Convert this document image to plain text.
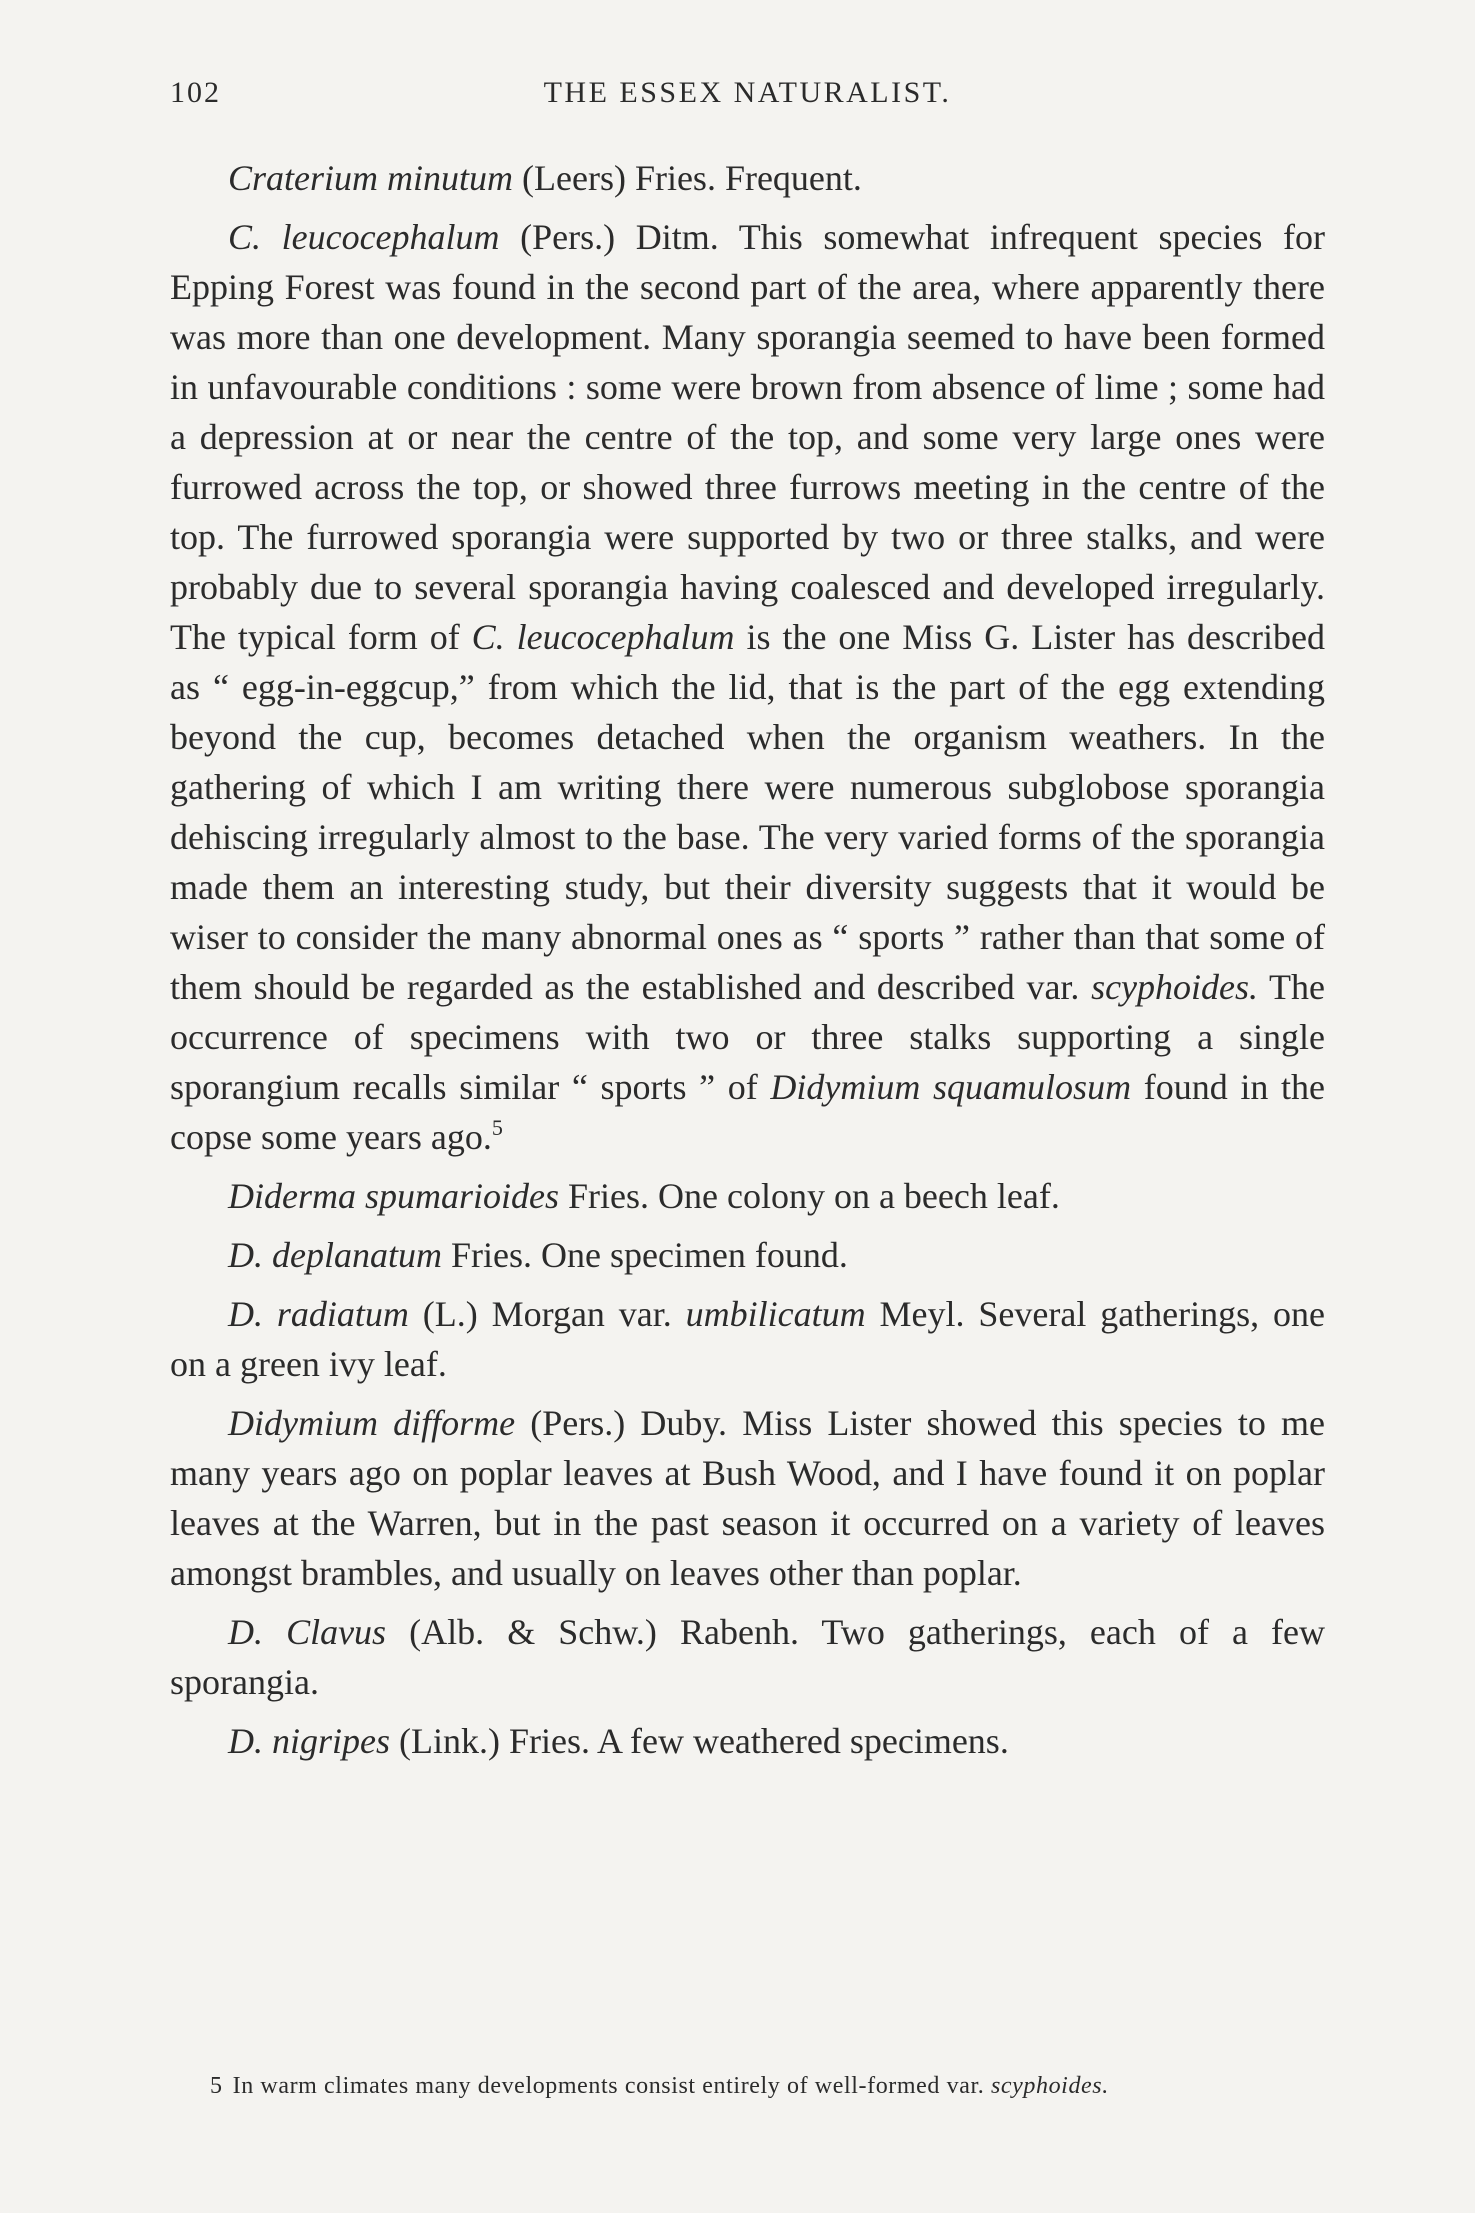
102	THE ESSEX NATURALIST.

Craterium minutum (Leers) Fries. Frequent.

C. leucocephalum (Pers.) Ditm. This somewhat infrequent species for Epping Forest was found in the second part of the area, where apparently there was more than one development. Many sporangia seemed to have been formed in unfavourable conditions : some were brown from absence of lime ; some had a depression at or near the centre of the top, and some very large ones were furrowed across the top, or showed three furrows meeting in the centre of the top. The furrowed sporangia were supported by two or three stalks, and were probably due to several sporangia having coalesced and developed irregularly. The typical form of C. leucocephalum is the one Miss G. Lister has described as “ egg-in-eggcup,” from which the lid, that is the part of the egg extending beyond the cup, becomes detached when the organism weathers. In the gathering of which I am writing there were numerous subglobose sporangia dehiscing irregularly almost to the base. The very varied forms of the sporangia made them an interesting study, but their diversity suggests that it would be wiser to consider the many abnormal ones as “ sports ” rather than that some of them should be regarded as the established and described var. scyphoides. The occurrence of specimens with two or three stalks supporting a single sporangium recalls similar “ sports ” of Didymium squamulosum found in the copse some years ago.$^5$

Diderma spumarioides Fries. One colony on a beech leaf.

D. deplanatum Fries. One specimen found.

D. radiatum (L.) Morgan var. umbilicatum Meyl. Several gatherings, one on a green ivy leaf.

Didymium difforme (Pers.) Duby. Miss Lister showed this species to me many years ago on poplar leaves at Bush Wood, and I have found it on poplar leaves at the Warren, but in the past season it occurred on a variety of leaves amongst brambles, and usually on leaves other than poplar.

D. Clavus (Alb. & Schw.) Rabenh. Two gatherings, each of a few sporangia.

D. nigripes (Link.) Fries. A few weathered specimens.

5 In warm climates many developments consist entirely of well-formed var. scyphoides.
